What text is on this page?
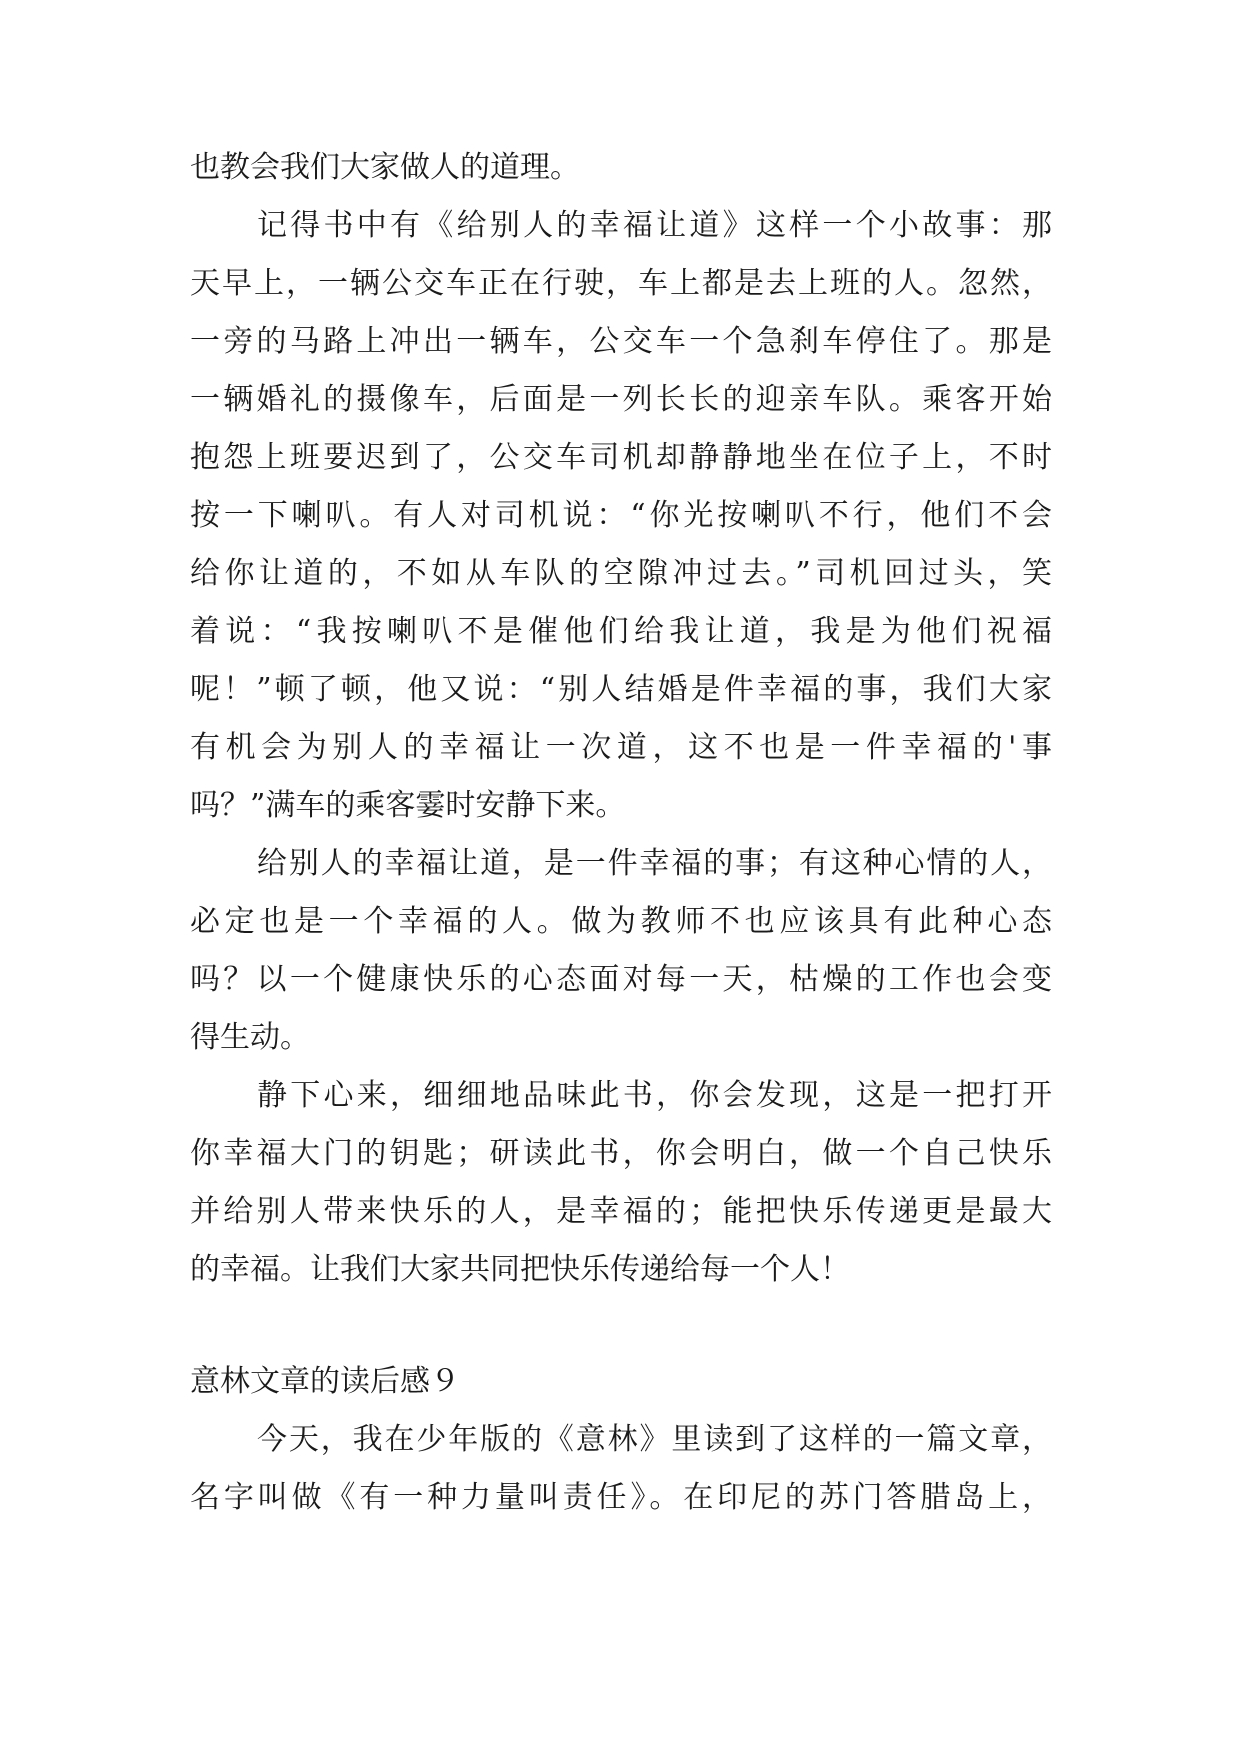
也教会我们大家做人的道理。
记得书中有《给别人的幸福让道》这样一个小故事：那
天早上，一辆公交车正在行驶，车上都是去上班的人。忽然，
一旁的马路上冲出一辆车，公交车一个急刹车停住了。那是
一辆婚礼的摄像车，后面是一列长长的迎亲车队。乘客开始
抱怨上班要迟到了，公交车司机却静静地坐在位子上，不时
按一下喇叭。有人对司机说：“你光按喇叭不行，他们不会
给你让道的，不如从车队的空隙冲过去。”司机回过头，笑
着说：“我按喇叭不是催他们给我让道，我是为他们祝福
呢！”顿了顿，他又说：“别人结婚是件幸福的事，我们大家
有机会为别人的幸福让一次道，这不也是一件幸福的'事
吗？”满车的乘客霎时安静下来。
给别人的幸福让道，是一件幸福的事；有这种心情的人，
必定也是一个幸福的人。做为教师不也应该具有此种心态
吗？以一个健康快乐的心态面对每一天，枯燥的工作也会变
得生动。
静下心来，细细地品味此书，你会发现，这是一把打开
你幸福大门的钥匙；研读此书，你会明白，做一个自己快乐
并给别人带来快乐的人，是幸福的；能把快乐传递更是最大
的幸福。让我们大家共同把快乐传递给每一个人！
意林文章的读后感９
今天，我在少年版的《意林》里读到了这样的一篇文章，
名字叫做《有一种力量叫责任》。在印尼的苏门答腊岛上，
